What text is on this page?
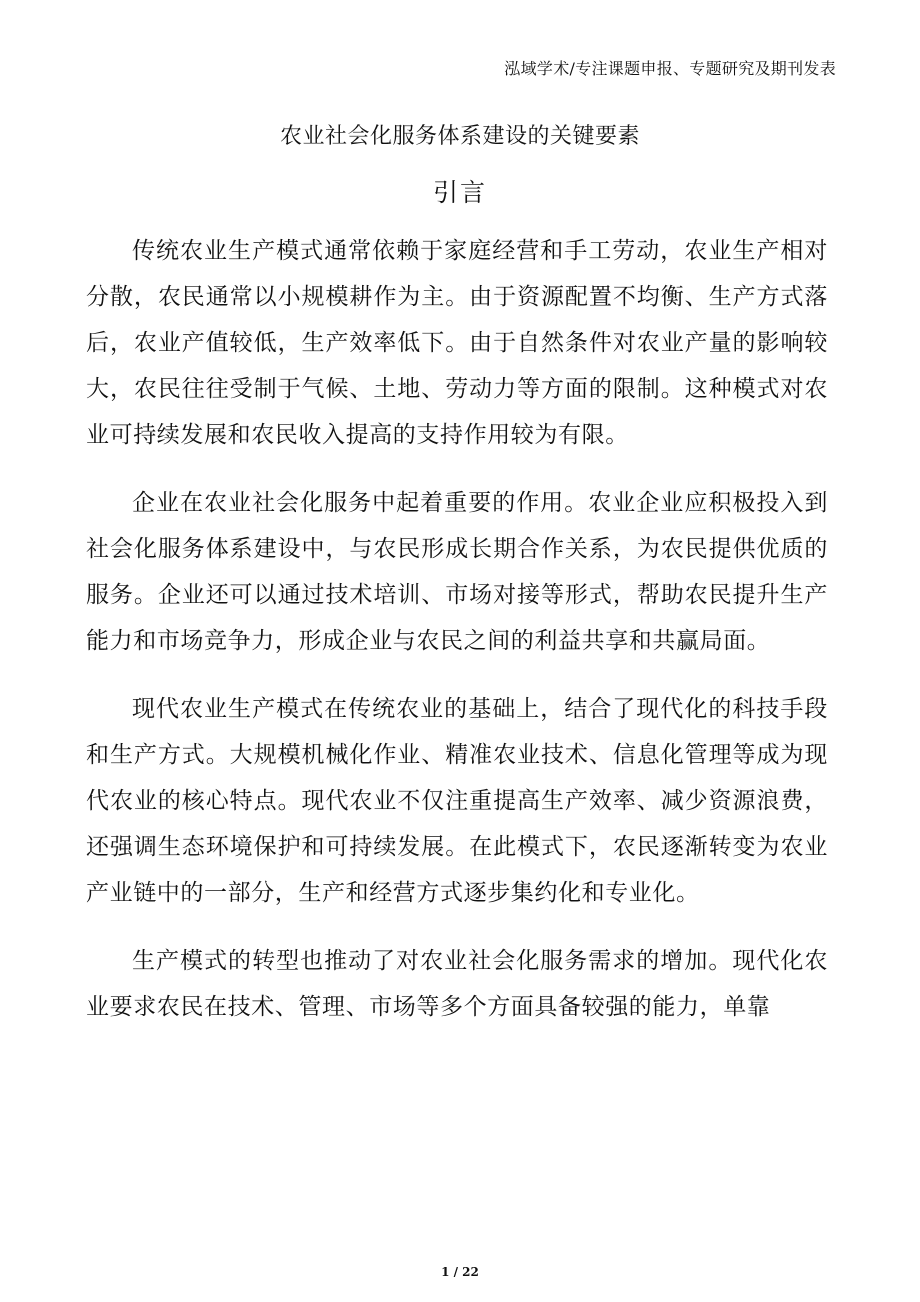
泓域学术/专注课题申报、专题研究及期刊发表
农业社会化服务体系建设的关键要素
引言

传统农业生产模式通常依赖于家庭经营和手工劳动，农业生产相对分散，农民通常以小规模耕作为主。由于资源配置不均衡、生产方式落后，农业产值较低，生产效率低下。由于自然条件对农业产量的影响较大，农民往往受制于气候、土地、劳动力等方面的限制。这种模式对农业可持续发展和农民收入提高的支持作用较为有限。

企业在农业社会化服务中起着重要的作用。农业企业应积极投入到社会化服务体系建设中，与农民形成长期合作关系，为农民提供优质的服务。企业还可以通过技术培训、市场对接等形式，帮助农民提升生产能力和市场竞争力，形成企业与农民之间的利益共享和共赢局面。

现代农业生产模式在传统农业的基础上，结合了现代化的科技手段和生产方式。大规模机械化作业、精准农业技术、信息化管理等成为现代农业的核心特点。现代农业不仅注重提高生产效率、减少资源浪费，还强调生态环境保护和可持续发展。在此模式下，农民逐渐转变为农业产业链中的一部分，生产和经营方式逐步集约化和专业化。

生产模式的转型也推动了对农业社会化服务需求的增加。现代化农业要求农民在技术、管理、市场等多个方面具备较强的能力，单靠

1 / 22
